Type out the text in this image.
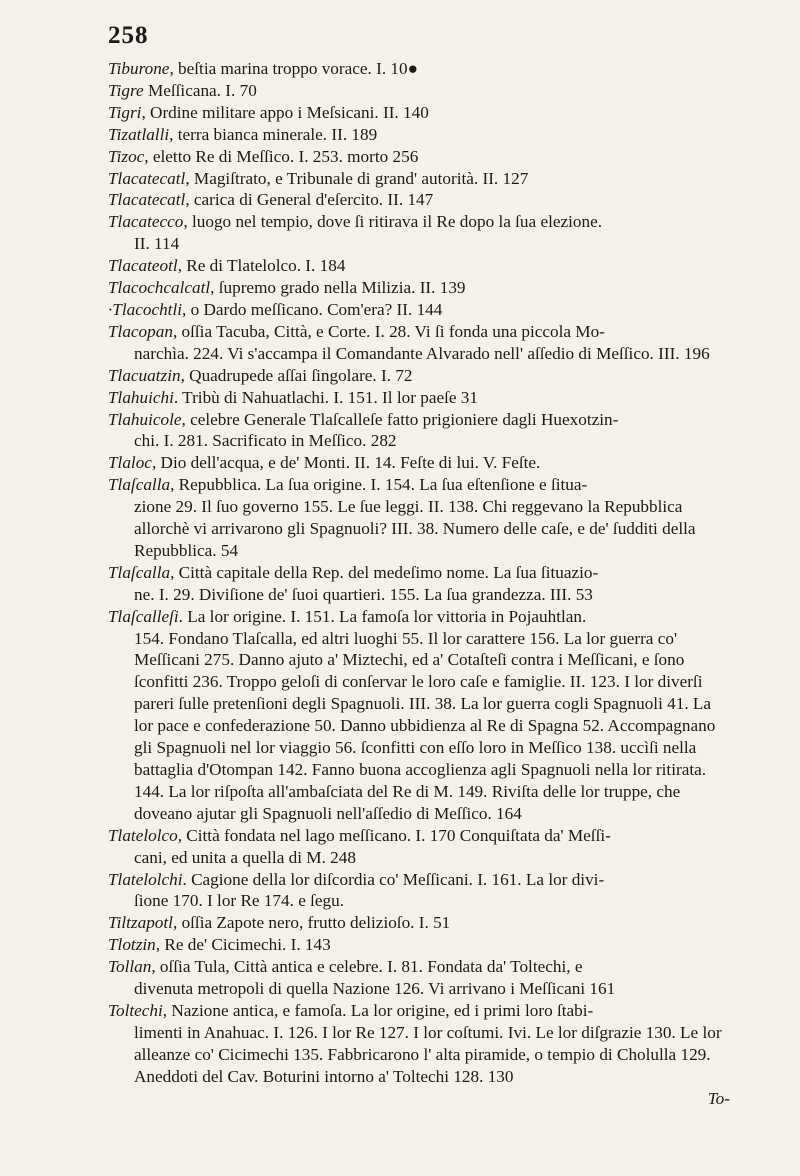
258

Tiburone, beſtia marina troppo vorace. I. 10●

Tigre Meſſicana. I. 70

Tigri, Ordine militare appo i Meſsicani. II. 140

Tizatlalli, terra bianca minerale. II. 189

Tizoc, eletto Re di Meſſico. I. 253. morto 256

Tlacatecatl, Magiſtrato, e Tribunale di grand' autorità. II. 127

Tlacatecatl, carica di General d'eſercito. II. 147

Tlacatecco, luogo nel tempio, dove ſi ritirava il Re dopo la ſua elezione.
II. 114

Tlacateotl, Re di Tlatelolco. I. 184

Tlacochcalcatl, ſupremo grado nella Milizia. II. 139

·Tlacochtli, o Dardo meſſicano. Com'era? II. 144

Tlacopan, oſſia Tacuba, Città, e Corte. I. 28. Vi ſi fonda una piccola Mo-
narchìa. 224. Vi s'accampa il Comandante Alvarado nell' aſſedio di Meſſico. III. 196

Tlacuatzin, Quadrupede aſſai ſingolare. I. 72

Tlahuichi. Tribù di Nahuatlachi. I. 151. Il lor paeſe 31

Tlahuicole, celebre Generale Tlaſcalleſe fatto prigioniere dagli Huexotzin-
chi. I. 281. Sacrificato in Meſſico. 282

Tlaloc, Dio dell'acqua, e de' Monti. II. 14. Feſte di lui. V. Feſte.

Tlaſcalla, Repubblica. La ſua origine. I. 154. La ſua eſtenſione e ſitua-
zione 29. Il ſuo governo 155. Le ſue leggi. II. 138. Chi reggevano la Repubblica allorchè vi arrivarono gli Spagnuoli? III. 38. Numero delle caſe, e de' ſudditi della Repubblica. 54

Tlaſcalla, Città capitale della Rep. del medeſimo nome. La ſua ſituazio-
ne. I. 29. Diviſione de' ſuoi quartieri. 155. La ſua grandezza. III. 53

Tlaſcalleſi. La lor origine. I. 151. La famoſa lor vittoria in Pojauhtlan.
154. Fondano Tlaſcalla, ed altri luoghi 55. Il lor carattere 156. La lor guerra co' Meſſicani 275. Danno ajuto a' Miztechi, ed a' Cotaſteſi contra i Meſſicani, e ſono ſconfitti 236. Troppo geloſi di conſervar le loro caſe e famiglie. II. 123. I lor diverſi pareri ſulle pretenſioni degli Spagnuoli. III. 38. La lor guerra cogli Spagnuoli 41. La lor pace e confederazione 50. Danno ubbidienza al Re di Spagna 52. Accompagnano gli Spagnuoli nel lor viaggio 56. ſconfitti con eſſo loro in Meſſico 138. uccìſi nella battaglia d'Otompan 142. Fanno buona accoglienza agli Spagnuoli nella lor ritirata. 144. La lor riſpoſta all'ambaſciata del Re di M. 149. Riviſta delle lor truppe, che doveano ajutar gli Spagnuoli nell'aſſedio di Meſſico. 164

Tlatelolco, Città fondata nel lago meſſicano. I. 170 Conquiſtata da' Meſſi-
cani, ed unita a quella di M. 248

Tlatelolchi. Cagione della lor diſcordia co' Meſſicani. I. 161. La lor divi-
ſione 170. I lor Re 174. e ſegu.

Tiltzapotl, oſſia Zapote nero, frutto delizioſo. I. 51

Tlotzin, Re de' Cicimechi. I. 143

Tollan, oſſia Tula, Città antica e celebre. I. 81. Fondata da' Toltechi, e
divenuta metropoli di quella Nazione 126. Vi arrivano i Meſſicani 161

Toltechi, Nazione antica, e famoſa. La lor origine, ed i primi loro ſtabi-
limenti in Anahuac. I. 126. I lor Re 127. I lor coſtumi. Ivi. Le lor diſgrazie 130. Le lor alleanze co' Cicimechi 135. Fabbricarono l' alta piramide, o tempio di Cholulla 129. Aneddoti del Cav. Boturini intorno a' Toltechi 128. 130
To-
